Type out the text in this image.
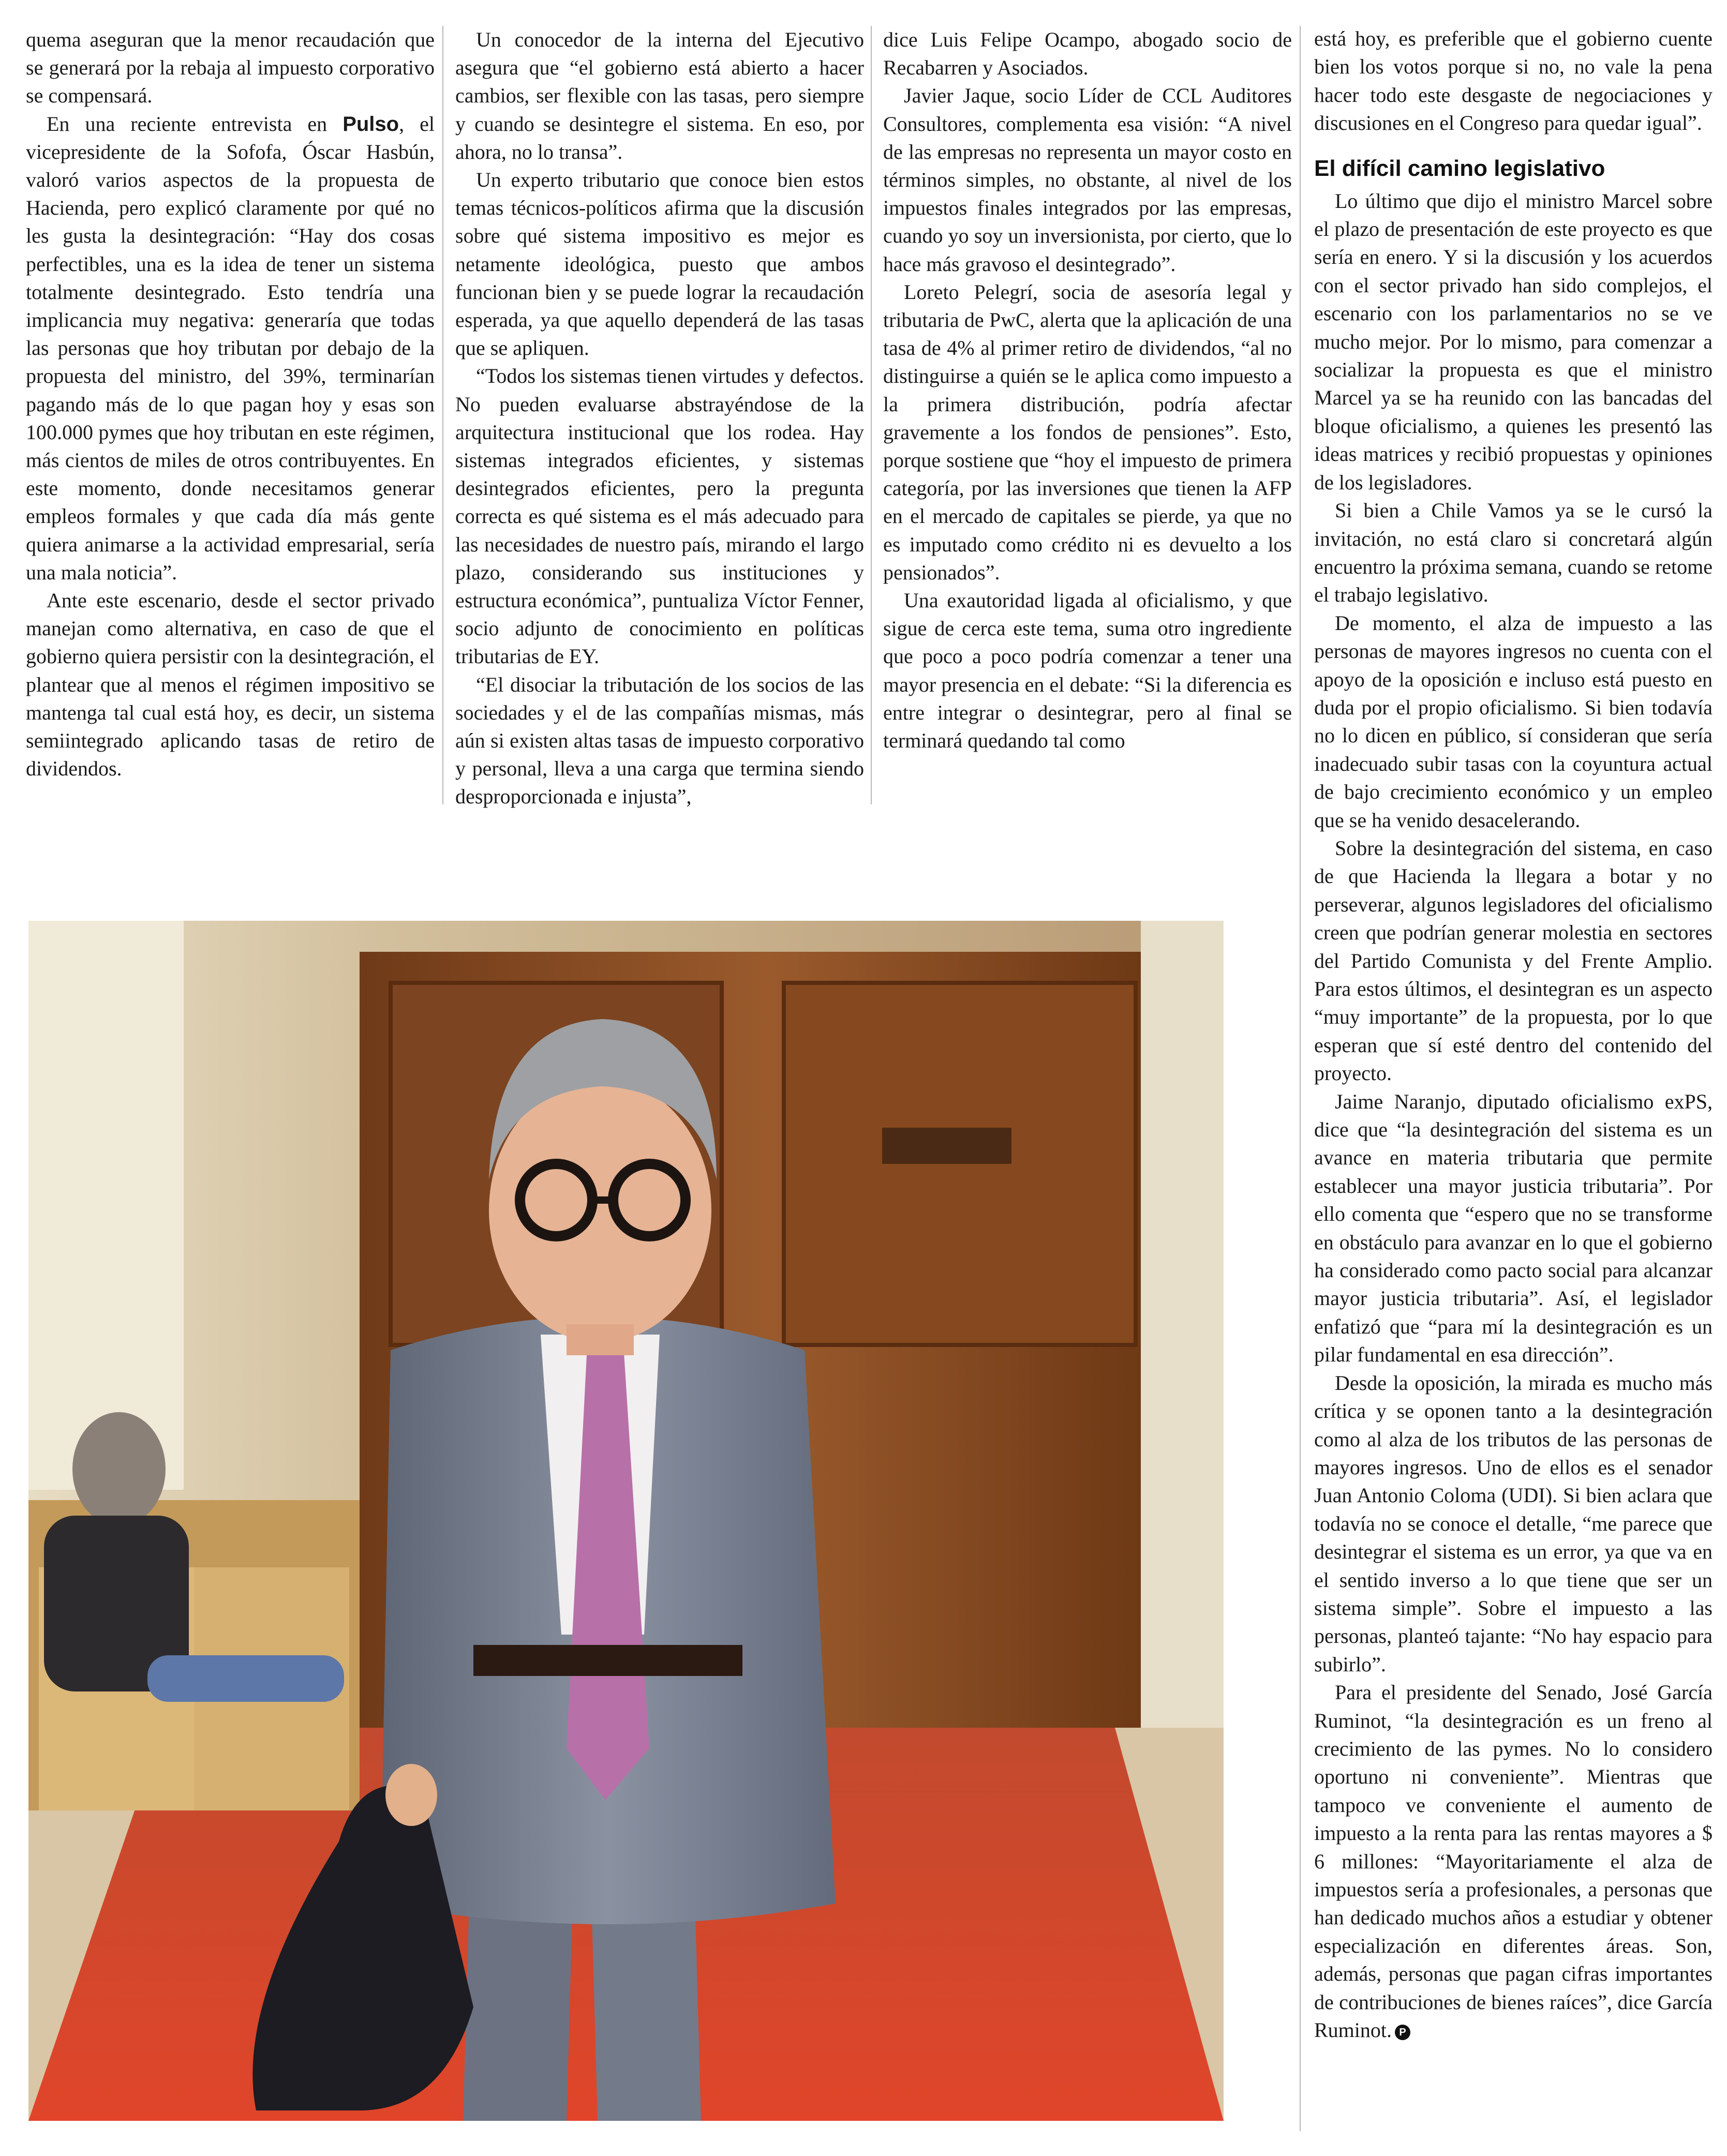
quema aseguran que la menor recaudación que se generará por la rebaja al impuesto corporativo se compensará.

En una reciente entrevista en Pulso, el vicepresidente de la Sofofa, Óscar Hasbún, valoró varios aspectos de la propuesta de Hacienda, pero explicó claramente por qué no les gusta la desintegración: “Hay dos cosas perfectibles, una es la idea de tener un sistema totalmente desintegrado. Esto tendría una implicancia muy negativa: generaría que todas las personas que hoy tributan por debajo de la propuesta del ministro, del 39%, terminarían pagando más de lo que pagan hoy y esas son 100.000 pymes que hoy tributan en este régimen, más cientos de miles de otros contribuyentes. En este momento, donde necesitamos generar empleos formales y que cada día más gente quiera animarse a la actividad empresarial, sería una mala noticia”.

Ante este escenario, desde el sector privado manejan como alternativa, en caso de que el gobierno quiera persistir con la desintegración, el plantear que al menos el régimen impositivo se mantenga tal cual está hoy, es decir, un sistema semiintegrado aplicando tasas de retiro de dividendos.

Un conocedor de la interna del Ejecutivo asegura que “el gobierno está abierto a hacer cambios, ser flexible con las tasas, pero siempre y cuando se desintegre el sistema. En eso, por ahora, no lo transa”.

Un experto tributario que conoce bien estos temas técnicos-políticos afirma que la discusión sobre qué sistema impositivo es mejor es netamente ideológica, puesto que ambos funcionan bien y se puede lograr la recaudación esperada, ya que aquello dependerá de las tasas que se apliquen.

“Todos los sistemas tienen virtudes y defectos. No pueden evaluarse abstrayéndose de la arquitectura institucional que los rodea. Hay sistemas integrados eficientes, y sistemas desintegrados eficientes, pero la pregunta correcta es qué sistema es el más adecuado para las necesidades de nuestro país, mirando el largo plazo, considerando sus instituciones y estructura económica”, puntualiza Víctor Fenner, socio adjunto de conocimiento en políticas tributarias de EY.

“El disociar la tributación de los socios de las sociedades y el de las compañías mismas, más aún si existen altas tasas de impuesto corporativo y personal, lleva a una carga que termina siendo desproporcionada e injusta”,

dice Luis Felipe Ocampo, abogado socio de Recabarren y Asociados.

Javier Jaque, socio Líder de CCL Auditores Consultores, complementa esa visión: “A nivel de las empresas no representa un mayor costo en términos simples, no obstante, al nivel de los impuestos finales integrados por las empresas, cuando yo soy un inversionista, por cierto, que lo hace más gravoso el desintegrado”.

Loreto Pelegrí, socia de asesoría legal y tributaria de PwC, alerta que la aplicación de una tasa de 4% al primer retiro de dividendos, “al no distinguirse a quién se le aplica como impuesto a la primera distribución, podría afectar gravemente a los fondos de pensiones”. Esto, porque sostiene que “hoy el impuesto de primera categoría, por las inversiones que tienen la AFP en el mercado de capitales se pierde, ya que no es imputado como crédito ni es devuelto a los pensionados”.

Una exautoridad ligada al oficialismo, y que sigue de cerca este tema, suma otro ingrediente que poco a poco podría comenzar a tener una mayor presencia en el debate: “Si la diferencia es entre integrar o desintegrar, pero al final se terminará quedando tal como

está hoy, es preferible que el gobierno cuente bien los votos porque si no, no vale la pena hacer todo este desgaste de negociaciones y discusiones en el Congreso para quedar igual”.

El difícil camino legislativo

Lo último que dijo el ministro Marcel sobre el plazo de presentación de este proyecto es que sería en enero. Y si la discusión y los acuerdos con el sector privado han sido complejos, el escenario con los parlamentarios no se ve mucho mejor. Por lo mismo, para comenzar a socializar la propuesta es que el ministro Marcel ya se ha reunido con las bancadas del bloque oficialismo, a quienes les presentó las ideas matrices y recibió propuestas y opiniones de los legisladores.

Si bien a Chile Vamos ya se le cursó la invitación, no está claro si concretará algún encuentro la próxima semana, cuando se retome el trabajo legislativo.

De momento, el alza de impuesto a las personas de mayores ingresos no cuenta con el apoyo de la oposición e incluso está puesto en duda por el propio oficialismo. Si bien todavía no lo dicen en público, sí consideran que sería inadecuado subir tasas con la coyuntura actual de bajo crecimiento económico y un empleo que se ha venido desacelerando.

Sobre la desintegración del sistema, en caso de que Hacienda la llegara a botar y no perseverar, algunos legisladores del oficialismo creen que podrían generar molestia en sectores del Partido Comunista y del Frente Amplio. Para estos últimos, el desintegran es un aspecto “muy importante” de la propuesta, por lo que esperan que sí esté dentro del contenido del proyecto.

Jaime Naranjo, diputado oficialismo exPS, dice que “la desintegración del sistema es un avance en materia tributaria que permite establecer una mayor justicia tributaria”. Por ello comenta que “espero que no se transforme en obstáculo para avanzar en lo que el gobierno ha considerado como pacto social para alcanzar mayor justicia tributaria”. Así, el legislador enfatizó que “para mí la desintegración es un pilar fundamental en esa dirección”.

Desde la oposición, la mirada es mucho más crítica y se oponen tanto a la desintegración como al alza de los tributos de las personas de mayores ingresos. Uno de ellos es el senador Juan Antonio Coloma (UDI). Si bien aclara que todavía no se conoce el detalle, “me parece que desintegrar el sistema es un error, ya que va en el sentido inverso a lo que tiene que ser un sistema simple”. Sobre el impuesto a las personas, planteó tajante: “No hay espacio para subirlo”.

Para el presidente del Senado, José García Ruminot, “la desintegración es un freno al crecimiento de las pymes. No lo considero oportuno ni conveniente”. Mientras que tampoco ve conveniente el aumento de impuesto a la renta para las rentas mayores a $ 6 millones: “Mayoritariamente el alza de impuestos sería a profesionales, a personas que han dedicado muchos años a estudiar y obtener especialización en diferentes áreas. Son, además, personas que pagan cifras importantes de contribuciones de bienes raíces”, dice García Ruminot. P
